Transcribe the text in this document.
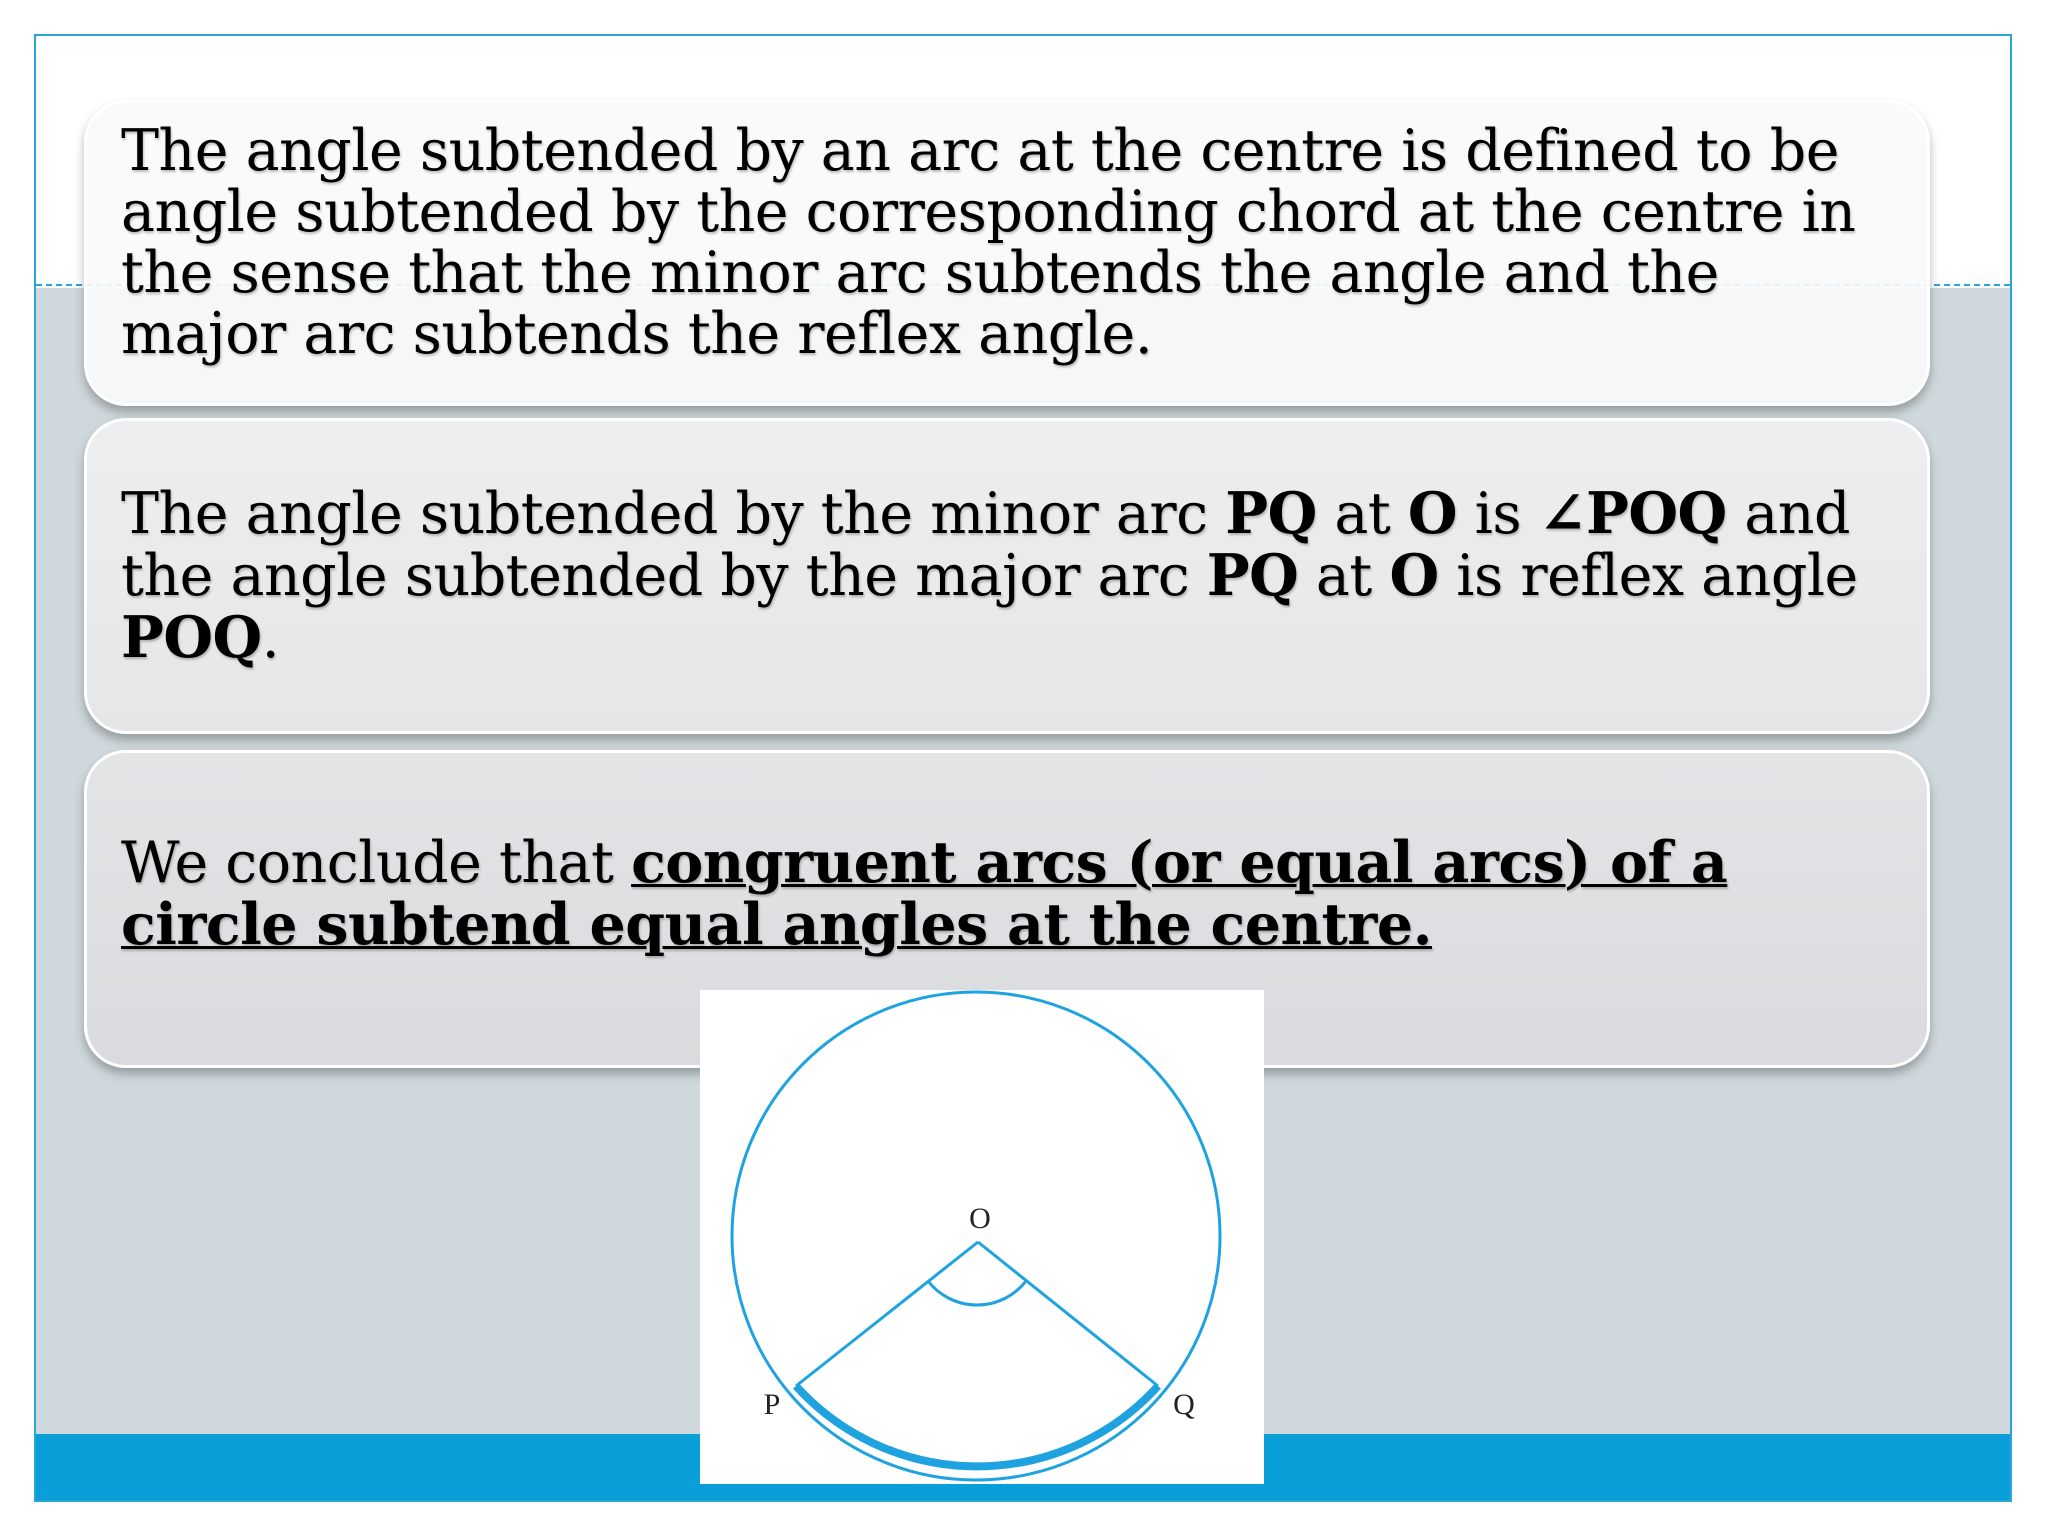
The angle subtended by an arc at the centre is defined to be angle subtended by the corresponding chord at the centre in the sense that the minor arc subtends the angle and the major arc subtends the reflex angle.
The angle subtended by the minor arc PQ at O is ∠POQ and the angle subtended by the major arc PQ at O is reflex angle POQ.
We conclude that congruent arcs (or equal arcs) of a circle subtend equal angles at the centre.
O
P	Q
